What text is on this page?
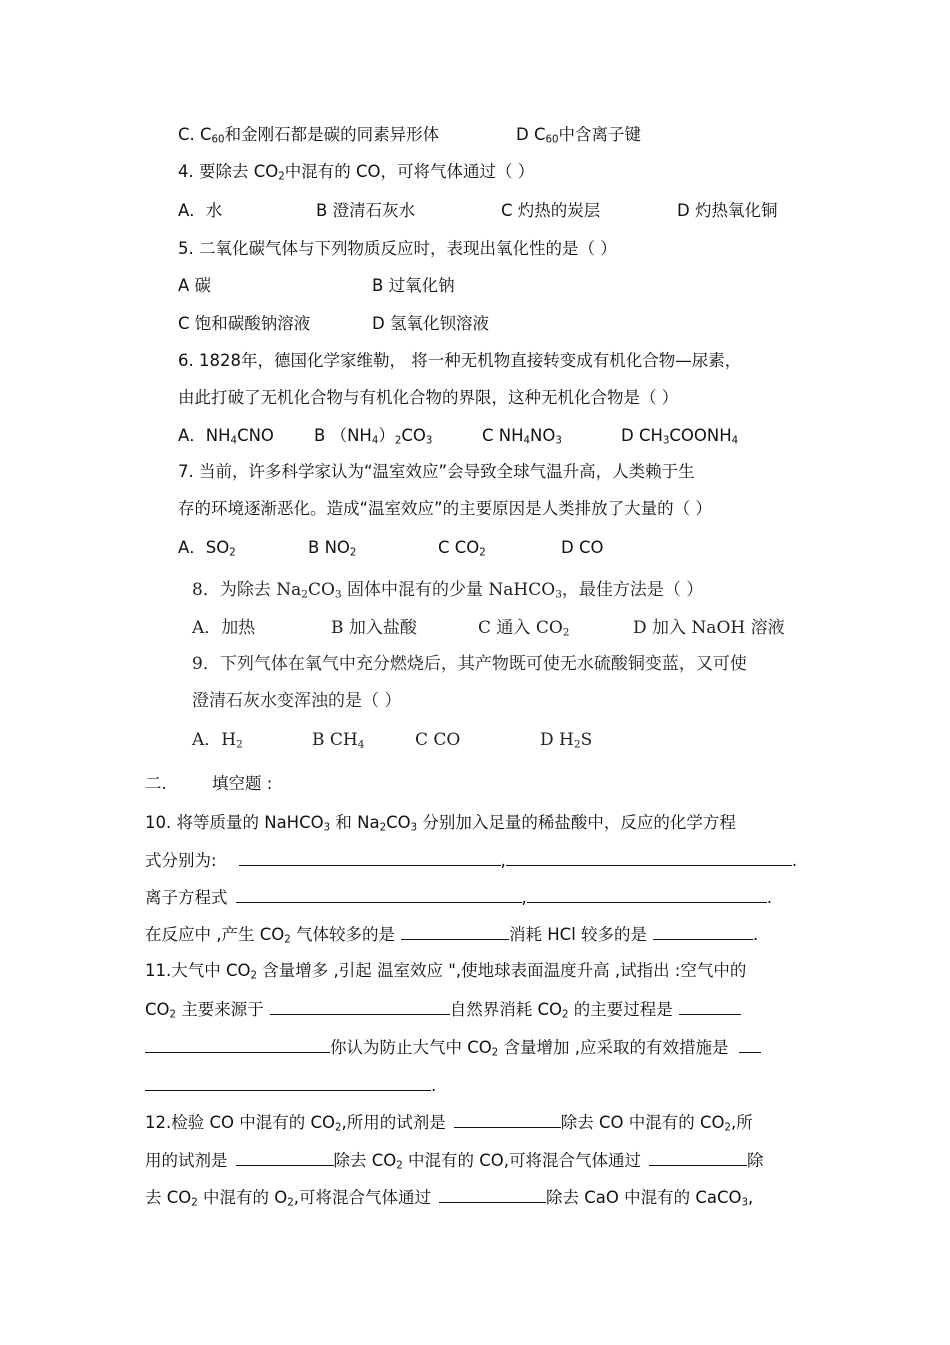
C. $C_{60}$和金刚石都是碳的同素异形体	D $C_{60}$中含离子键
4. 要除去 $CO_2$中混有的 CO，可将气体通过（ ）
A．水	B 澄清石灰水	C 灼热的炭层	D 灼热氧化铜
5. 二氧化碳气体与下列物质反应时，表现出氧化性的是（ ）
A 碳	B 过氧化钠
C 饱和碳酸钠溶液	D 氢氧化钡溶液
6. 1828年，德国化学家维勒， 将一种无机物直接转变成有机化合物—尿素，
由此打破了无机化合物与有机化合物的界限，这种无机化合物是（ ）
A．$NH_4CNO$ B $(NH_4)_2CO_3$	C $NH_4NO_3$	D $CH_3COONH_4$
7. 当前，许多科学家认为“温室效应”会导致全球气温升高，人类赖于生
存的环境逐渐恶化。造成“温室效应”的主要原因是人类排放了大量的（ ）
A．$SO_2$	B $NO_2$	C $CO_2$	D CO
8．为除去 $Na_2CO_3$ 固体中混有的少量 NaHCO$_3$，最佳方法是（ ）
A．加热	B 加入盐酸	C 通入 $CO_2$	D 加入 NaOH 溶液
9．下列气体在氧气中充分燃烧后，其产物既可使无水硫酸铜变蓝，又可使
澄清石灰水变浑浊的是（ ）
A．$H_2$	B $CH_4$	C CO	D $H_2S$
二.	填空题 :
10. 将等质量的 NaHCO$_3$ 和 $Na_2CO_3$ 分别加入足量的稀盐酸中，反应的化学方程
式分别为:	,	.
离子方程式	,	.
在反应中 ,产生 $CO_2$ 气体较多的是	消耗 HCl 较多的是	.
11.大气中 $CO_2$ 含量增多 ,引起 温室效应 ",使地球表面温度升高 ,试指出 :空气中的
$CO_2$ 主要来源于	自然界消耗 $CO_2$ 的主要过程是
你认为防止大气中 $CO_2$ 含量增加 ,应采取的有效措施是
.
12.检验 CO 中混有的 $CO_2$,所用的试剂是	除去 CO 中混有的 $CO_2$,所
用的试剂是	除去 $CO_2$ 中混有的 CO,可将混合气体通过	除
去 $CO_2$ 中混有的 $O_2$,可将混合气体通过	除去 CaO 中混有的 CaCO$_3$,
